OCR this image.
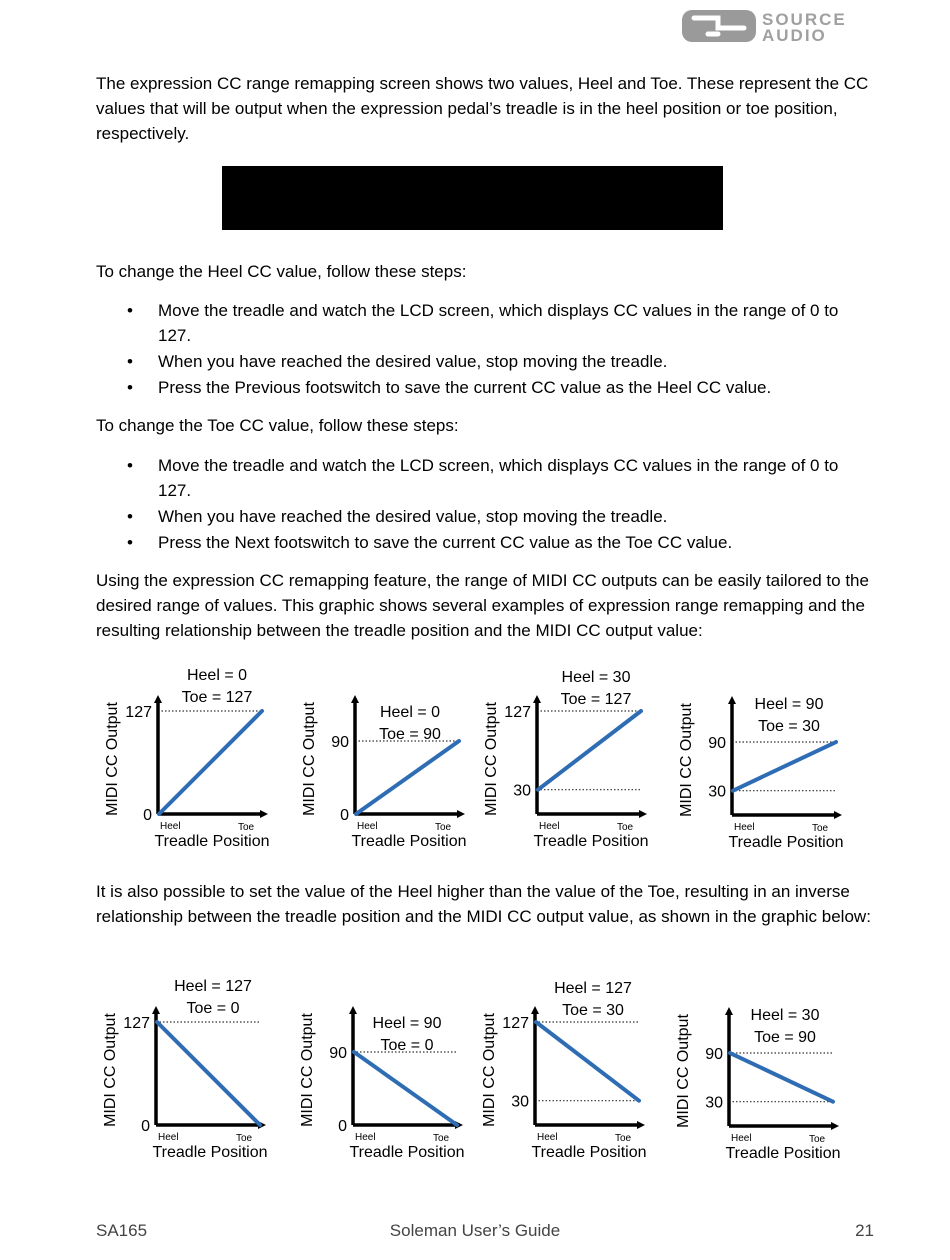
SOURCE
AUDIO

The expression CC range remapping screen shows two values, Heel and Toe. These represent the CC values that will be output when the expression pedal’s treadle is in the heel position or toe position, respectively.

Exp  Range  Remap

Heel: 32 Toe:115

To change the Heel CC value, follow these steps:

• Move the treadle and watch the LCD screen, which displays CC values in the range of 0 to 127.
• When you have reached the desired value, stop moving the treadle.
• Press the Previous footswitch to save the current CC value as the Heel CC value.

To change the Toe CC value, follow these steps:

• Move the treadle and watch the LCD screen, which displays CC values in the range of 0 to 127.
• When you have reached the desired value, stop moving the treadle.
• Press the Next footswitch to save the current CC value as the Toe CC value.

Using the expression CC remapping feature, the range of MIDI CC outputs can be easily tailored to the desired range of values. This graphic shows several examples of expression range remapping and the resulting relationship between the treadle position and the MIDI CC output value:

127
0
MIDI CC Output
Heel	Toe
Treadle Position
Heel = 0
Toe = 127
90
0
MIDI CC Output
Heel	Toe
Treadle Position
Heel = 0
Toe = 90
127
30
MIDI CC Output
Heel	Toe
Treadle Position
Heel = 30
Toe = 127
90
30
MIDI CC Output
Heel	Toe
Treadle Position
Heel = 90
Toe = 30

It is also possible to set the value of the Heel higher than the value of the Toe, resulting in an inverse relationship between the treadle position and the MIDI CC output value, as shown in the graphic below:

127
0
MIDI CC Output
Heel	Toe
Treadle Position
Heel = 127
Toe = 0
90
0
MIDI CC Output
Heel	Toe
Treadle Position
Heel = 90
Toe = 0
127
30
MIDI CC Output
Heel	Toe
Treadle Position
Heel = 127
Toe = 30
90
30
MIDI CC Output
Heel	Toe
Treadle Position
Heel = 30
Toe = 90
SA165	Soleman User’s Guide	21
